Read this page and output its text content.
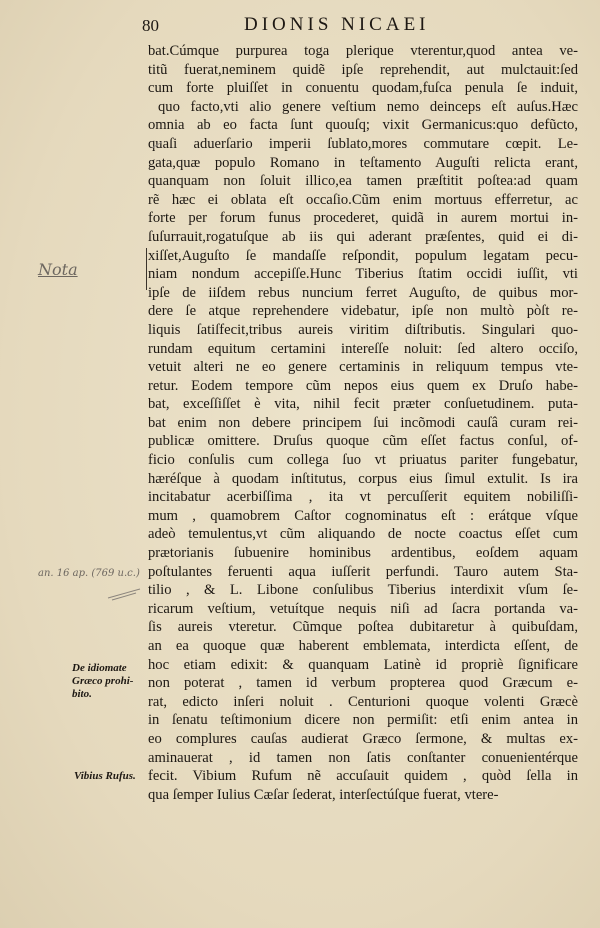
80	DIONIS NICAEI
bat.Cúmque purpurea toga plerique vterentur,quod antea ve-
titũ fuerat,neminem quidẽ ipſe reprehendit, aut mulctauit:ſed
cum forte pluiſſet in conuentu quodam,fuſca penula ſe induit,
quo facto,vti alio genere veſtium nemo deinceps eſt auſus.Hæc
omnia ab eo facta ſunt quouſq; vixit Germanicus:quo defũcto,
quaſi aduerſario imperii ſublato,mores commutare cœpit. Le-
gata,quæ populo Romano in teſtamento Auguſti relicta erant,
quanquam non ſoluit illico,ea tamen præſtitit poſtea:ad quam
rẽ hæc ei oblata eſt occaſio.Cũm enim mortuus efferretur, ac
forte per forum funus procederet, quidã in aurem mortui in-
ſuſurrauit,rogatuſque ab iis qui aderant præſentes, quid ei di-
xiſſet,Auguſto ſe mandaſſe reſpondit, populum legatam pecu-
niam nondum accepiſſe.Hunc Tiberius ſtatim occidi iuſſit, vti
ipſe de iiſdem rebus nuncium ferret Auguſto, de quibus mor-
dere ſe atque reprehendere videbatur, ipſe non multò pòſt re-
liquis ſatiſfecit,tribus aureis viritim diſtributis. Singulari quo-
rundam equitum certamini intereſſe noluit: ſed altero occiſo,
vetuit alteri ne eo genere certaminis in reliquum tempus vte-
retur. Eodem tempore cũm nepos eius quem ex Druſo habe-
bat, exceſſiſſet è vita, nihil fecit præter conſuetudinem. puta-
bat enim non debere principem ſui incõmodi cauſâ curam rei-
publicæ omittere. Druſus quoque cũm eſſet factus conſul, of-
ficio conſulis cum collega ſuo vt priuatus pariter fungebatur,
hæréſque à quodam inſtitutus, corpus eius ſimul extulit. Is ira
incitabatur acerbiſſima , ita vt percuſſerit equitem nobiliſſi-
mum , quamobrem Caſtor cognominatus eſt : erátque vſque
adeò temulentus,vt cũm aliquando de nocte coactus eſſet cum
prætorianis ſubuenire hominibus ardentibus, eoſdem aquam
poſtulantes feruenti aqua iuſſerit perfundi. Tauro autem Sta-
tilio , & L. Libone conſulibus Tiberius interdixit vſum ſe-
ricarum veſtium, vetuítque nequis niſi ad ſacra portanda va-
ſis aureis vteretur. Cũmque poſtea dubitaretur à quibuſdam,
an ea quoque quæ haberent emblemata, interdicta eſſent, de
hoc etiam edixit: & quanquam Latinè id propriè ſignificare
non poterat , tamen id verbum propterea quod Græcum e-
rat, edicto inſeri noluit . Centurioni quoque volenti Græcè
in ſenatu teſtimonium dicere non permiſit: etſi enim antea in
eo complures cauſas audierat Græco ſermone, & multas ex-
aminauerat , id tamen non ſatis conſtanter conuenientérque
fecit. Vibium Rufum nẽ accuſauit quidem , quòd ſella in
qua ſemper Iulius Cæſar ſederat, interſectúſque fuerat, vtere-
Nota
an. 16 ap. (769 u.c.)
De idiomate
Græco prohi-
bito.
Vibius Rufus.
